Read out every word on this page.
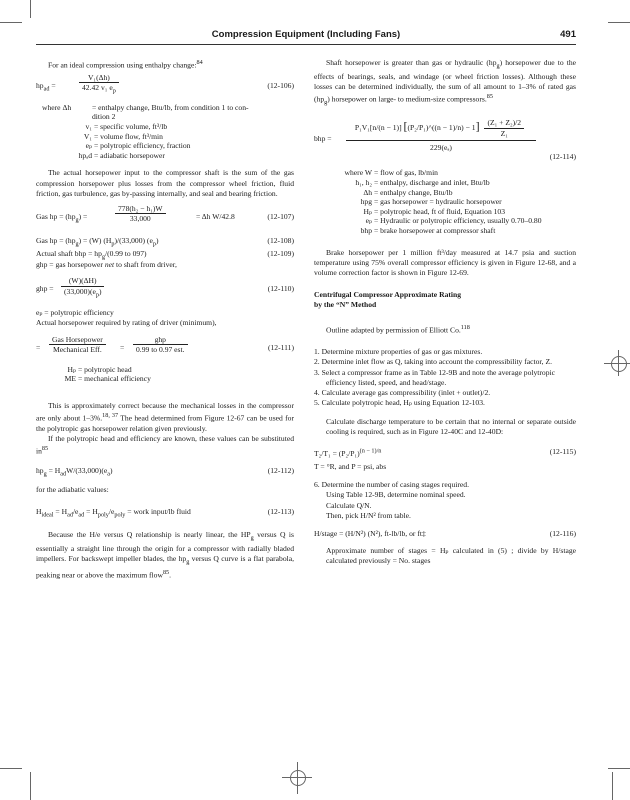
Compression Equipment (Including Fans)	491

For an ideal compression using enthalpy change:$^{84}$

$hp_{ad}$ =	$\frac{\text{V₁(Δh)}}{42.42 v_1 e_p}$	(12-106)
where Δh	= enthalpy change, Btu/lb, from condition 1 to con-
dition 2
v₁ = specific volume, ft³/lb
V₁ = volume flow, ft³/min
eₚ = polytropic efficiency, fraction
hpₐd = adiabatic horsepower

The actual horsepower input to the compressor shaft is the sum of the gas compression horsepower plus losses from the compressor wheel friction, fluid friction, gas turbulence, gas by-passing internally, and seal and bearing friction.

Gas hp = $(hp_g)$ =	$\frac{\text{778(h₂ − h₁)W}}{33,000}$	= Δh W/42.8	(12-107)
Gas hp = $(hp_g) = (W)$ $(H_p)/(33,000)$ $(e_p)$	(12-108)
Actual shaft bhp = $hp_g/(0.99$ to 097)	(12-109)

ghp = gas horsepower net to shaft from driver,

ghp = $\frac{(W)(\Delta H)}{(33,000)(e_p)}$	(12-110)

eₚ = polytropic efficiency

Actual horsepower required by rating of driver (minimum),

=
Gas Horsepower
Mechanical Eff.	=
ghp
0.99 to 0.97 est.	(12-111)
Hₚ = polytropic head
ME = mechanical efficiency

This is approximately correct because the mechanical losses in the compressor are only about 1–3%.$^{18, 37}$ The head determined from Figure 12-67 can be used for the polytropic gas horsepower relation given previously.

If the polytropic head and efficiency are known, these values can be substituted $in^{85}$

$hp_g = H_{ad}W/(33,000)(e_a)$	(12-112)

for the adiabatic values:

$H_{ideal} = H_{ad}/e_{ad} = H_{poly}/e_{poly}$ = work input/lb fluid	(12-113)

Because the H/e versus Q relationship is nearly linear, the $HP_g$ versus Q is essentially a straight line through the origin for a compressor with radially bladed impellers. For backswept impeller blades, the $hp_g$ versus Q curve is a flat parabola, peaking near or above the maximum flow$^{85}$.

Shaft horsepower is greater than gas or hydraulic $(hp_g)$ horsepower due to the effects of bearings, seals, and windage (or wheel friction losses). Although these losses can be determined individually, the sum of all amount to 1–3% of rated gas $(hp_g)$ horsepower on large- to medium-size compressors.$^{85}$

bhp =
P₁V₁[n/(n − 1)] [(P₂/P₁)^((n − $1)/n) - 1] \frac{\text{(Z₁ + Z₂)/2}}{\text{Z₁}}$
229(eₐ)
(12-114)
where W = flow of gas, lb/min
h₁, h₂ = enthalpy, discharge and inlet, Btu/lb
Δh = enthalpy change, Btu/lb
hpg = gas horsepower = hydraulic horsepower
Hₚ = polytropic head, ft of fluid, Equation 103
eₚ = Hydraulic or polytropic efficiency, usually 0.70–0.80
bhp = brake horsepower at compressor shaft

Brake horsepower per 1 million ft³/day measured at 14.7 psia and suction temperature using 75% overall compressor efficiency is given in Figure 12-68, and a volume correction factor is shown in Figure 12-69.

Centrifugal Compressor Approximate Rating
by the “N” Method

Outline adapted by permission of Elliott Co.$^{118}$

1. Determine mixture properties of gas or gas mixtures.
2. Determine inlet flow as Q, taking into account the compressibility factor, Z.
3. Select a compressor frame as in Table 12-9B and note the average polytropic efficiency listed, speed, and head/stage.
4. Calculate average gas compressibility (inlet + outlet)/2.
5. Calculate polytropic head, Hₚ using Equation 12-103.

Calculate discharge temperature to be certain that no internal or separate outside cooling is required, such as in Figure 12-40C and 12-40D:

$T_2/T_1 = (P_2/P_1)^{(n - 1)/n}$	(12-115)

T = °R, and P = psi, abs

6. Determine the number of casing stages required.
Using Table 12-9B, determine nominal speed.
Calculate Q/N.
Then, pick H/N² from table.
H/stage = (H/N²) (N²), ft-lb/lb, or ft‡	(12-116)

Approximate number of stages = Hₚ calculated in (5) ; divide by H/stage calculated previously = No. stages
